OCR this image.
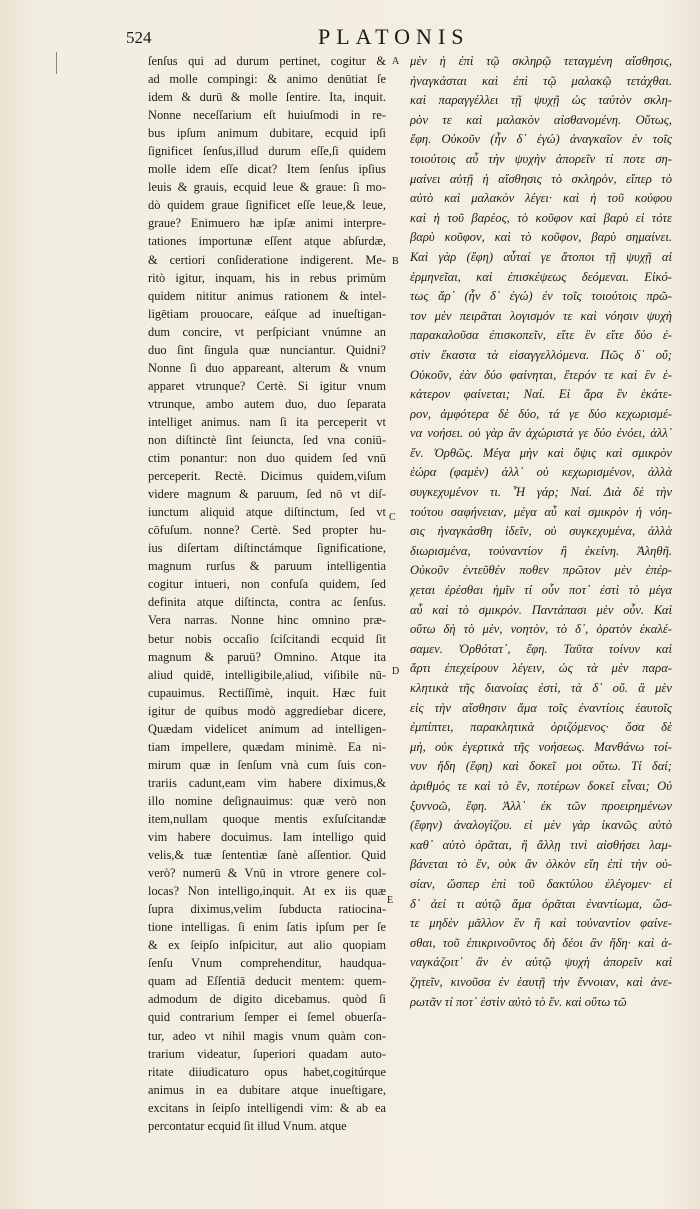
524	PLATONIS
A
B
C
D
E
ſenſus qui ad durum pertinet, cogitur &
ad molle compingi: & animo denūtiat ſe
idem & durū & molle ſentire. Ita, inquit.
Nonne neceſſarium eſt huiuſmodi in re-
bus ipſum animum dubitare, ecquid ipſi
ſignificet ſenſus,illud durum eſſe,ſi quidem
molle idem eſſe dicat? Item ſenſus ipſius
leuis & grauis, ecquid leue & graue: ſi mo-
dò quidem graue ſignificet eſſe leue,& leue,
graue? Enimuero hæ ipſæ animi interpre-
tationes importunæ eſſent atque abſurdæ,
& certiori conſideratione indigerent. Me-
ritò igitur, inquam, his in rebus primùm
quidem nititur animus rationem & intel-
ligētiam prouocare, eáſque ad inueſtigan-
dum concire, vt perſpiciant vnúmne an
duo ſint ſingula quæ nunciantur. Quidni?
Nonne ſi duo appareant, alterum & vnum
apparet vtrunque? Certè. Si igitur vnum
vtrunque, ambo autem duo, duo ſeparata
intelliget animus. nam ſi ita perceperit vt
non diſtinctè ſint ſeiuncta, ſed vna coniū-
ctim ponantur: non duo quidem ſed vnū
perceperit. Rectè. Dicimus quidem,viſum
videre magnum & paruum, ſed nō vt diſ-
iunctum aliquid atque diſtinctum, ſed vt
cōfuſum. nonne? Certè. Sed propter hu-
ius diſertam diſtinctámque ſignificatione,
magnum rurſus & paruum intelligentia
cogitur intueri, non confuſa quidem, ſed
definita atque diſtincta, contra ac ſenſus.
Vera narras. Nonne hinc omnino præ-
betur nobis occaſio ſciſcitandi ecquid ſit
magnum & paruū? Omnino. Atque ita
aliud quidē, intelligibile,aliud, viſibile nū-
cupauimus. Rectiſſimè, inquit. Hæc fuit
igitur de quibus modò aggrediebar dicere,
Quædam videlicet animum ad intelligen-
tiam impellere, quædam minimè. Ea ni-
mirum quæ in ſenſum vnà cum ſuis con-
trariis cadunt,eam vim habere diximus,&
illo nomine deſignauimus: quæ verò non
item,nullam quoque mentis exſuſcitandæ
vim habere docuimus. Iam intelligo quid
velis,& tuæ ſententiæ ſanè aſſentior. Quid
verò? numerū & Vnū in vtrore genere col-
locas? Non intelligo,inquit. At ex iis quæ
ſupra diximus,velim ſubducta ratiocina-
tione intelligas. ſi enim ſatis ipſum per ſe
& ex ſeipſo inſpicitur, aut alio quopiam
ſenſu Vnum comprehenditur, haudqua-
quam ad Eſſentiā deducit mentem: quem-
admodum de digito dicebamus. quòd ſi
quid contrarium ſemper ei ſemel obuerſa-
tur, adeo vt nihil magis vnum quàm con-
trarium videatur, ſuperiori quadam auto-
ritate diiudicaturo opus habet,cogitúrque
animus in ea dubitare atque inueſtigare,
excitans in ſeipſo intelligendi vim: & ab ea
percontatur ecquid ſit illud Vnum. atque
μὲν ἡ ἐπὶ τῷ σκληρῷ τεταγμένη αἴσθησις,
ἠναγκάσται καὶ ἐπὶ τῷ μαλακῷ τετάχθαι.
καὶ παραγγέλλει τῇ ψυχῇ ὡς ταὐτὸν σκλη-
ρὸν τε καὶ μαλακὸν αἰσθανομένη. Οὕτως,
ἔφη. Οὐκοῦν (ἦν δ᾽ ἐγώ) ἀναγκαῖον ἐν τοῖς
τοιούτοις αὖ τὴν ψυχὴν ἀπορεῖν τί ποτε ση-
μαίνει αὐτῇ ἡ αἴσθησις τὸ σκληρὸν, εἴπερ τὸ
αὐτὸ καὶ μαλακὸν λέγει· καὶ ἡ τοῦ κούφου
καὶ ἡ τοῦ βαρέος, τὸ κοῦφον καὶ βαρὺ εἰ τότε
βαρὺ κοῦφον, καὶ τὸ κοῦφον, βαρὺ σημαίνει.
Καὶ γὰρ (ἔφη) αὗταί γε ἄτοποι τῇ ψυχῇ αἱ
ἑρμηνεῖαι, καὶ ἐπισκέψεως δεόμεναι. Εἰκό-
τως ἄρ᾽ (ἦν δ᾽ ἐγώ) ἐν τοῖς τοιούτοις πρῶ-
τον μὲν πειρᾶται λογισμόν τε καὶ νόησιν ψυχὴ
παρακαλοῦσα ἐπισκοπεῖν, εἴτε ἓν εἴτε δύο ἐ-
στὶν ἕκαστα τὰ εἰσαγγελλόμενα. Πῶς δ᾽ οὔ;
Οὐκοῦν, ἐὰν δύο φαίνηται, ἕτερόν τε καὶ ἓν ἑ-
κάτερον φαίνεται; Ναί. Εἰ ἄρα ἓν ἑκάτε-
ρον, ἀμφότερα δὲ δύο, τά γε δύο κεχωρισμέ-
να νοήσει. οὐ γὰρ ἂν ἀχώριστά γε δύο ἐνόει, ἀλλ᾽
ἕν. Ὀρθῶς. Μέγα μὴν καὶ ὄψις καὶ σμικρὸν
ἑώρα (φαμὲν) ἀλλ᾽ οὐ κεχωρισμένον, ἀλλὰ
συγκεχυμένον τι. Ἦ γάρ; Ναί. Διὰ δὲ τὴν
τούτου σαφήνειαν, μέγα αὖ καὶ σμικρὸν ἡ νόη-
σις ἠναγκάσθη ἰδεῖν, οὐ συγκεχυμένα, ἀλλὰ
διωρισμένα, τοὐναντίον ἢ ἐκείνη. Ἀληθῆ.
Οὐκοῦν ἐντεῦθέν ποθεν πρῶτον μὲν ἐπέρ-
χεται ἐρέσθαι ἡμῖν τί οὖν ποτ᾽ ἐστὶ τὸ μέγα
αὖ καὶ τὸ σμικρόν. Παντάπασι μὲν οὖν. Καὶ
οὕτω δὴ τὸ μὲν, νοητὸν, τὸ δ᾽, ὁρατὸν ἐκαλέ-
σαμεν. Ὀρθότατ᾽, ἔφη. Ταῦτα τοίνυν καὶ
ἄρτι ἐπεχείρουν λέγειν, ὡς τὰ μὲν παρα-
κλητικὰ τῆς διανοίας ἐστὶ, τὰ δ᾽ οὔ. ἃ μὲν
εἰς τὴν αἴσθησιν ἅμα τοῖς ἐναντίοις ἑαυτοῖς
ἐμπίπτει, παρακλητικὰ ὁριζόμενος· ὅσα δὲ
μὴ, οὐκ ἐγερτικὰ τῆς νοήσεως. Μανθάνω τοί-
νυν ἤδη (ἔφη) καὶ δοκεῖ μοι οὕτω. Τί δαί;
ἀριθμός τε καὶ τὸ ἕν, ποτέρων δοκεῖ εἶναι; Οὐ
ξυννοῶ, ἔφη. Ἀλλ᾽ ἐκ τῶν προειρημένων
(ἔφην) ἀναλογίζου. εἰ μὲν γὰρ ἱκανῶς αὐτὸ
καθ᾽ αὑτὸ ὁρᾶται, ἢ ἄλλῃ τινὶ αἰσθήσει λαμ-
βάνεται τὸ ἕν, οὐκ ἂν ὁλκὸν εἴη ἐπὶ τὴν οὐ-
σίαν, ὥσπερ ἐπὶ τοῦ δακτύλου ἐλέγομεν· εἰ
δ᾽ ἀεί τι αὐτῷ ἅμα ὁρᾶται ἐναντίωμα, ὥσ-
τε μηδὲν μᾶλλον ἓν ἢ καὶ τοὐναντίον φαίνε-
σθαι, τοῦ ἐπικρινοῦντος δὴ δέοι ἂν ἤδη· καὶ ἀ-
ναγκάζοιτ᾽ ἂν ἐν αὐτῷ ψυχὴ ἀπορεῖν καὶ
ζητεῖν, κινοῦσα ἐν ἑαυτῇ τὴν ἔννοιαν, καὶ ἀνε-
ρωτᾶν τί ποτ᾽ ἐστὶν αὐτὸ τὸ ἕν. καὶ οὕτω τῶ
